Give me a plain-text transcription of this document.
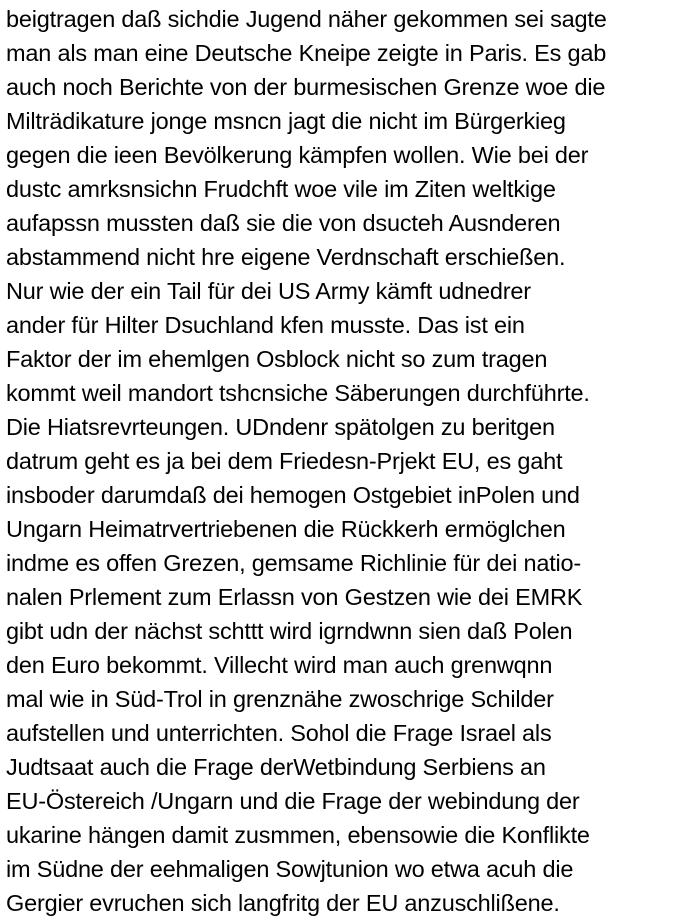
beigtragen daß sichdie Jugend näher gekommen sei sagte
man als man eine Deutsche Kneipe zeigte in Paris. Es gab
auch noch Berichte von der burmesischen Grenze woe die
Milträdikature jonge msncn jagt die nicht im Bürgerkieg
gegen die ieen Bevölkerung kämpfen wollen. Wie bei der
dustc amrksnsichn Frudchft woe vile im Ziten weltkige
aufapssn mussten daß sie die von dsucteh Ausnderen
abstammend nicht hre eigene Verdnschaft erschießen.
Nur wie der ein Tail für dei US Army kämft udnedrer
ander für Hilter Dsuchland kfen musste. Das ist ein
Faktor der im ehemlgen Osblock nicht so zum tragen
kommt weil mandort tshcnsiche Säberungen durchführte.
Die Hiatsrevrteungen. UDndenr spätolgen zu beritgen
datrum geht es ja bei dem Friedesn-Prjekt EU, es gaht
insboder darumdaß dei hemogen Ostgebiet inPolen und
Ungarn Heimatrvertriebenen die Rückkerh ermöglchen
indme es offen Grezen, gemsame Richlinie für dei natio-
nalen Prlement zum Erlassn von Gestzen wie dei EMRK
gibt udn der nächst schttt wird igrndwnn sien daß Polen
den Euro bekommt. Villecht wird man auch grenwqnn
mal wie in Süd-Trol in grenznähe zwoschrige Schilder
aufstellen und unterrichten. Sohol die Frage Israel als
Judtsaat auch die Frage derWetbindung Serbiens an
EU-Östereich /Ungarn und die Frage der webindung der
ukarine hängen damit zusmmen, ebensowie die Konflikte
im Südne der eehmaligen Sowjtunion wo etwa acuh die
Gergier evruchen sich langfritg der EU anzuschlißene.
